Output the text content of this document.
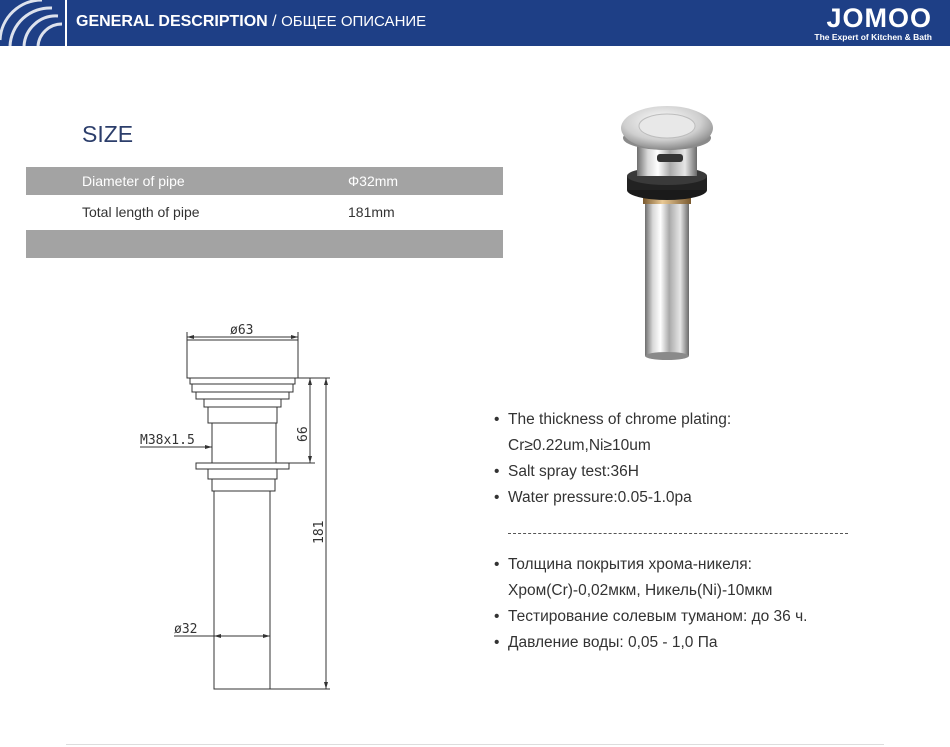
GENERAL DESCRIPTION / ОБЩЕЕ ОПИСАНИЕ	JOMOO
The Expert of Kitchen & Bath
SIZE
Diameter of pipe	Φ32mm
Total length of pipe	181mm
ø63
M38x1.5	66
181
ø32
• The thickness of chrome plating:
Cr≥0.22um,Ni≥10um
• Salt spray test:36H
• Water pressure:0.05-1.0pa
• Толщина покрытия хрома-никеля:
Хром(Cr)-0,02мкм, Никель(Ni)-10мкм
• Тестирование солевым туманом: до 36 ч.
• Давление воды: 0,05 - 1,0 Па
